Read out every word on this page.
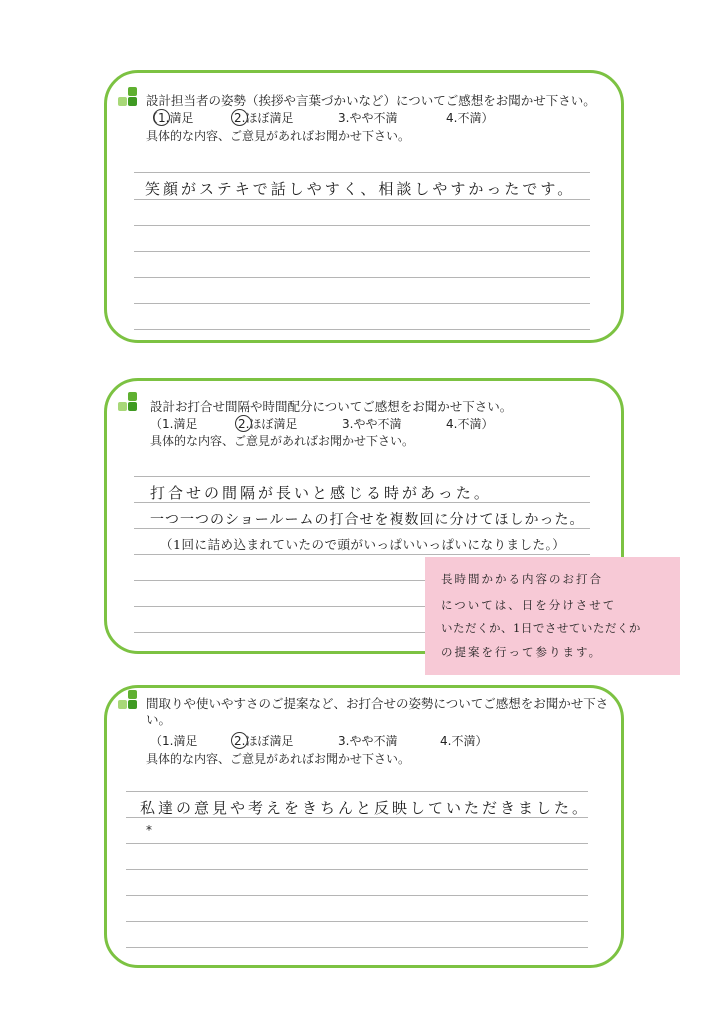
設計担当者の姿勢（挨拶や言葉づかいなど）についてご感想をお聞かせ下さい。
（1.満足	2.ほぼ満足	3.やや不満	4.不満）
具体的な内容、ご意見があればお聞かせ下さい。
笑顔がステキで話しやすく、相談しやすかったです。
設計お打合せ間隔や時間配分についてご感想をお聞かせ下さい。
（1.満足	2.ほぼ満足	3.やや不満	4.不満）
具体的な内容、ご意見があればお聞かせ下さい。
打合せの間隔が長いと感じる時があった。
一つ一つのショールームの打合せを複数回に分けてほしかった。
（1回に詰め込まれていたので頭がいっぱいいっぱいになりました。）
長時間かかる内容のお打合
については、日を分けさせて
いただくか、1日でさせていただくか
の提案を行って参ります。
間取りや使いやすさのご提案など、お打合せの姿勢についてご感想をお聞かせ下さい。
（1.満足	2.ほぼ満足	3.やや不満	4.不満）
具体的な内容、ご意見があればお聞かせ下さい。
私達の意見や考えをきちんと反映していただきました。
*
